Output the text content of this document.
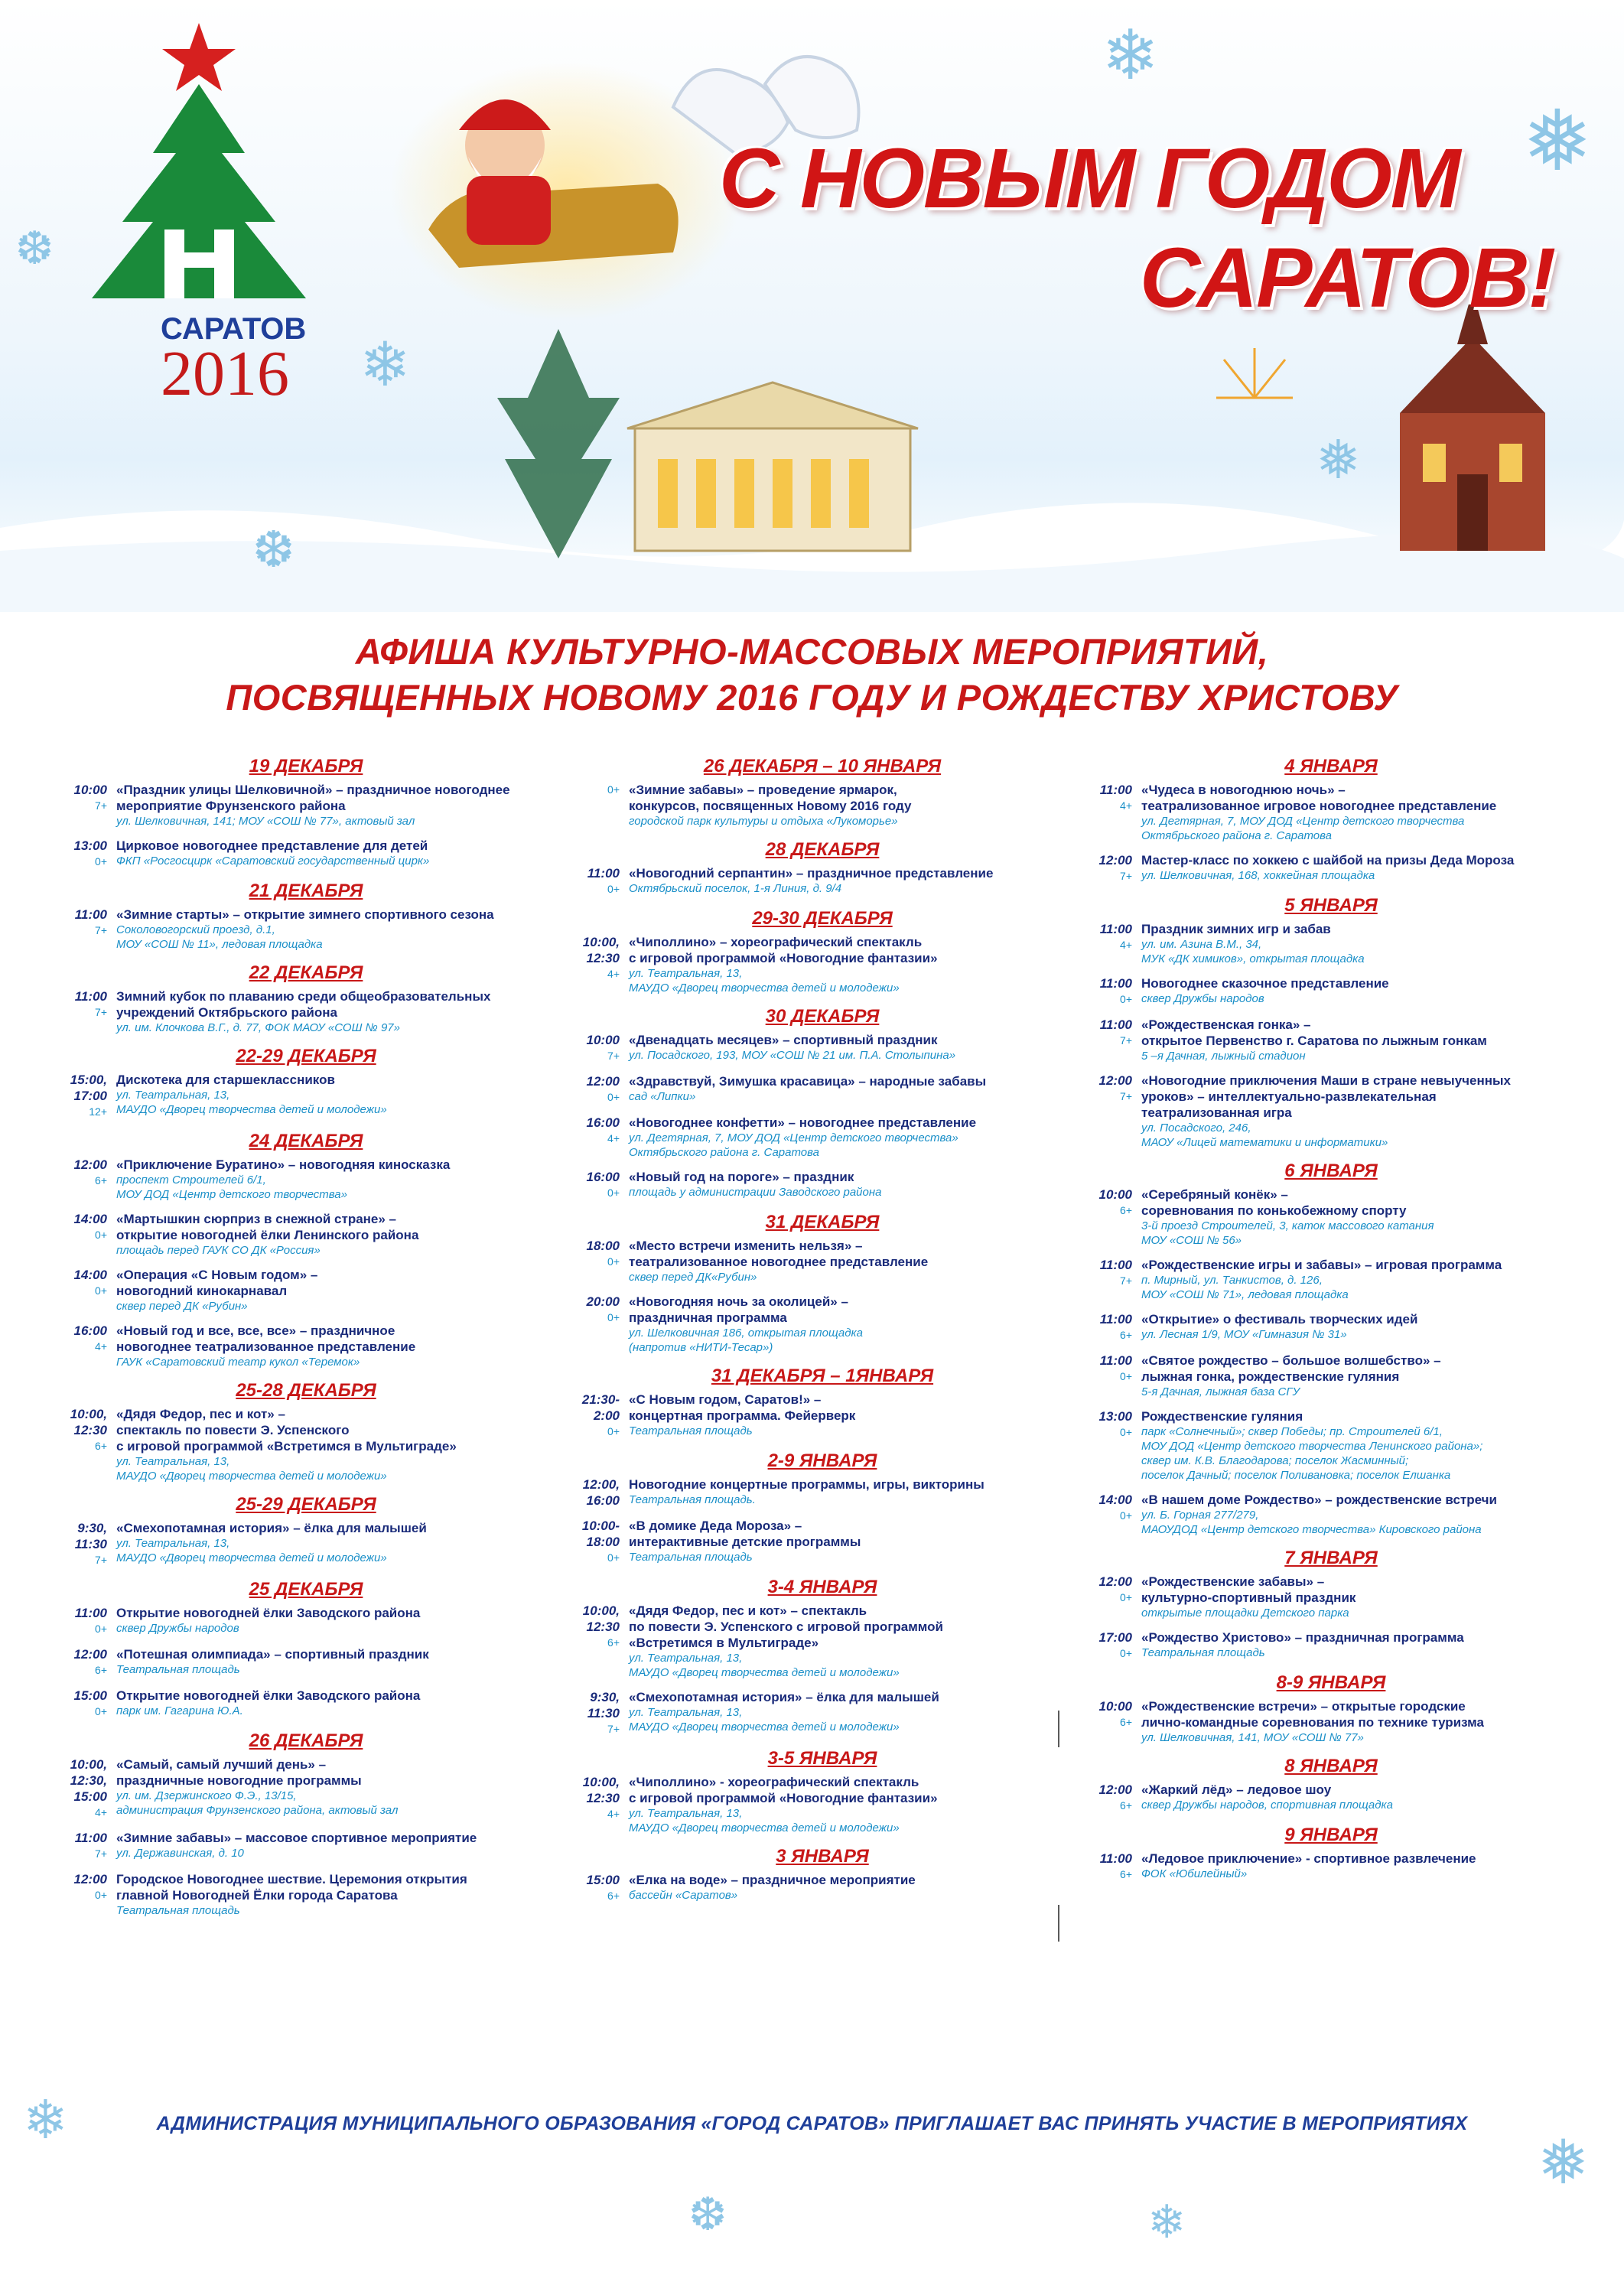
САРАТОВ
2016
С НОВЫМ ГОДОМ
САРАТОВ!
❄
❅
❆
❄
❅
❆
АФИША КУЛЬТУРНО-МАССОВЫХ МЕРОПРИЯТИЙ,
ПОСВЯЩЕННЫХ НОВОМУ 2016 ГОДУ И РОЖДЕСТВУ ХРИСТОВУ
19 ДЕКАБРЯ
10:00
7+
«Праздник улицы Шелковичной» – праздничное новогоднее
мероприятие Фрунзенского района
ул. Шелковичная, 141; МОУ «СОШ № 77», актовый зал
13:00
0+
Цирковое новогоднее представление для детей
ФКП «Росгосцирк «Саратовский государственный цирк»
21 ДЕКАБРЯ
11:00
7+
«Зимние старты» – открытие зимнего спортивного сезона
Соколовогорский проезд, д.1,
МОУ «СОШ № 11», ледовая площадка
22 ДЕКАБРЯ
11:00
7+
Зимний кубок по плаванию среди общеобразовательных
учреждений Октябрьского района
ул. им. Клочкова В.Г., д. 77, ФОК МАОУ «СОШ № 97»
22-29 ДЕКАБРЯ
15:00,
17:00
12+
Дискотека для старшеклассников
ул. Театральная, 13,
МАУДО «Дворец творчества детей и молодежи»
24 ДЕКАБРЯ
12:00
6+
«Приключение Буратино» – новогодняя киносказка
проспект Строителей 6/1,
МОУ ДОД «Центр детского творчества»
14:00
0+
«Мартышкин сюрприз в снежной стране» –
открытие новогодней ёлки Ленинского района
площадь перед ГАУК СО ДК «Россия»
14:00
0+
«Операция «С Новым годом» –
новогодний кинокарнавал
сквер перед ДК «Рубин»
16:00
4+
«Новый год и все, все, все» – праздничное
новогоднее театрализованное представление
ГАУК «Саратовский театр кукол «Теремок»
25-28 ДЕКАБРЯ
10:00,
12:30
6+
«Дядя Федор, пес и кот» –
спектакль по повести Э. Успенского
с игровой программой «Встретимся в Мультиграде»
ул. Театральная, 13,
МАУДО «Дворец творчества детей и молодежи»
25-29 ДЕКАБРЯ
9:30,
11:30
7+
«Смехопотамная история» – ёлка для малышей
ул. Театральная, 13,
МАУДО «Дворец творчества детей и молодежи»
25 ДЕКАБРЯ
11:00
0+
Открытие новогодней ёлки Заводского района
сквер Дружбы народов
12:00
6+
«Потешная олимпиада» – спортивный праздник
Театральная площадь
15:00
0+
Открытие новогодней ёлки Заводского района
парк им. Гагарина Ю.А.
26 ДЕКАБРЯ
10:00,
12:30,
15:00
4+
«Самый, самый лучший день» –
праздничные новогодние программы
ул. им. Дзержинского Ф.Э., 13/15,
администрация Фрунзенского района, актовый зал
11:00
7+
«Зимние забавы» – массовое спортивное мероприятие
ул. Державинская, д. 10
12:00
0+
Городское Новогоднее шествие. Церемония открытия
главной Новогодней Ёлки города Саратова
Театральная площадь
26 ДЕКАБРЯ – 10 ЯНВАРЯ
0+ «Зимние забавы» – проведение ярмарок,
конкурсов, посвященных Новому 2016 году
городской парк культуры и отдыха «Лукоморье»
28 ДЕКАБРЯ
11:00
0+
«Новогодний серпантин» – праздничное представление
Октябрьский поселок, 1-я Линия, д. 9/4
29-30 ДЕКАБРЯ
10:00,
12:30
4+
«Чиполлино» – хореографический спектакль
с игровой программой «Новогодние фантазии»
ул. Театральная, 13,
МАУДО «Дворец творчества детей и молодежи»
30 ДЕКАБРЯ
10:00
7+
«Двенадцать месяцев» – спортивный праздник
ул. Посадского, 193, МОУ «СОШ № 21 им. П.А. Столыпина»
12:00
0+
«Здравствуй, Зимушка красавица» – народные забавы
сад «Липки»
16:00
4+
«Новогоднее конфетти» – новогоднее представление
ул. Дегтярная, 7, МОУ ДОД «Центр детского творчества»
Октябрьского района г. Саратова
16:00
0+
«Новый год на пороге» – праздник
площадь у администрации Заводского района
31 ДЕКАБРЯ
18:00
0+
«Место встречи изменить нельзя» –
театрализованное новогоднее представление
сквер перед ДК«Рубин»
20:00
0+
«Новогодняя ночь за околицей» –
праздничная программа
ул. Шелковичная 186, открытая площадка
(напротив «НИТИ-Тесар»)
31 ДЕКАБРЯ – 1ЯНВАРЯ
21:30-
2:00
0+
«С Новым годом, Саратов!» –
концертная программа. Фейерверк
Театральная площадь
2-9 ЯНВАРЯ
12:00,
16:00
Новогодние концертные программы, игры, викторины
Театральная площадь.
10:00-
18:00
0+
«В домике Деда Мороза» –
интерактивные детские программы
Театральная площадь
3-4 ЯНВАРЯ
10:00,
12:30
6+
«Дядя Федор, пес и кот» – спектакль
по повести Э. Успенского с игровой программой
«Встретимся в Мультиграде»
ул. Театральная, 13,
МАУДО «Дворец творчества детей и молодежи»
9:30,
11:30
7+
«Смехопотамная история» – ёлка для малышей
ул. Театральная, 13,
МАУДО «Дворец творчества детей и молодежи»
3-5 ЯНВАРЯ
10:00,
12:30
4+
«Чиполлино» - хореографический спектакль
с игровой программой «Новогодние фантазии»
ул. Театральная, 13,
МАУДО «Дворец творчества детей и молодежи»
3 ЯНВАРЯ
15:00
6+
«Елка на воде» – праздничное мероприятие
бассейн «Саратов»
4 ЯНВАРЯ
11:00
4+
«Чудеса в новогоднюю ночь» –
театрализованное игровое новогоднее представление
ул. Дегтярная, 7, МОУ ДОД «Центр детского творчества
Октябрьского района г. Саратова
12:00
7+
Мастер-класс по хоккею с шайбой на призы Деда Мороза
ул. Шелковичная, 168, хоккейная площадка
5 ЯНВАРЯ
11:00
4+
Праздник зимних игр и забав
ул. им. Азина В.М., 34,
МУК «ДК химиков», открытая площадка
11:00
0+
Новогоднее сказочное представление
сквер Дружбы народов
11:00
7+
«Рождественская гонка» –
открытое Первенство г. Саратова по лыжным гонкам
5 –я Дачная, лыжный стадион
12:00
7+
«Новогодние приключения Маши в стране невыученных
уроков» – интеллектуально-развлекательная
театрализованная игра
ул. Посадского, 246,
МАОУ «Лицей математики и информатики»
6 ЯНВАРЯ
10:00
6+
«Серебряный конёк» –
соревнования по конькобежному спорту
3-й проезд Строителей, 3, каток массового катания
МОУ «СОШ № 56»
11:00
7+
«Рождественские игры и забавы» – игровая программа
п. Мирный, ул. Танкистов, д. 126,
МОУ «СОШ № 71», ледовая площадка
11:00
6+
«Открытие» о фестиваль творческих идей
ул. Лесная 1/9, МОУ «Гимназия № 31»
11:00
0+
«Святое рождество – большое волшебство» –
лыжная гонка, рождественские гуляния
5-я Дачная, лыжная база СГУ
13:00
0+
Рождественские гуляния
парк «Солнечный»; сквер Победы; пр. Строителей 6/1,
МОУ ДОД «Центр детского творчества Ленинского района»;
сквер им. К.В. Благодарова; поселок Жасминный;
поселок Дачный; поселок Поливановка; поселок Елшанка
14:00
0+
«В нашем доме Рождество» – рождественские встречи
ул. Б. Горная 277/279,
МАОУДОД «Центр детского творчества» Кировского района
7 ЯНВАРЯ
12:00
0+
«Рождественские забавы» –
культурно-спортивный праздник
открытые площадки Детского парка
17:00
0+
«Рождество Христово» – праздничная программа
Театральная площадь
8-9 ЯНВАРЯ
10:00
6+
«Рождественские встречи» – открытые городские
лично-командные соревнования по технике туризма
ул. Шелковичная, 141, МОУ «СОШ № 77»
8 ЯНВАРЯ
12:00
6+
«Жаркий лёд» – ледовое шоу
сквер Дружбы народов, спортивная площадка
9 ЯНВАРЯ
11:00
6+
«Ледовое приключение» - спортивное развлечение
ФОК «Юбилейный»
АДМИНИСТРАЦИЯ МУНИЦИПАЛЬНОГО ОБРАЗОВАНИЯ «ГОРОД САРАТОВ» ПРИГЛАШАЕТ ВАС ПРИНЯТЬ УЧАСТИЕ В МЕРОПРИЯТИЯХ
❄
❅
❆	❄
